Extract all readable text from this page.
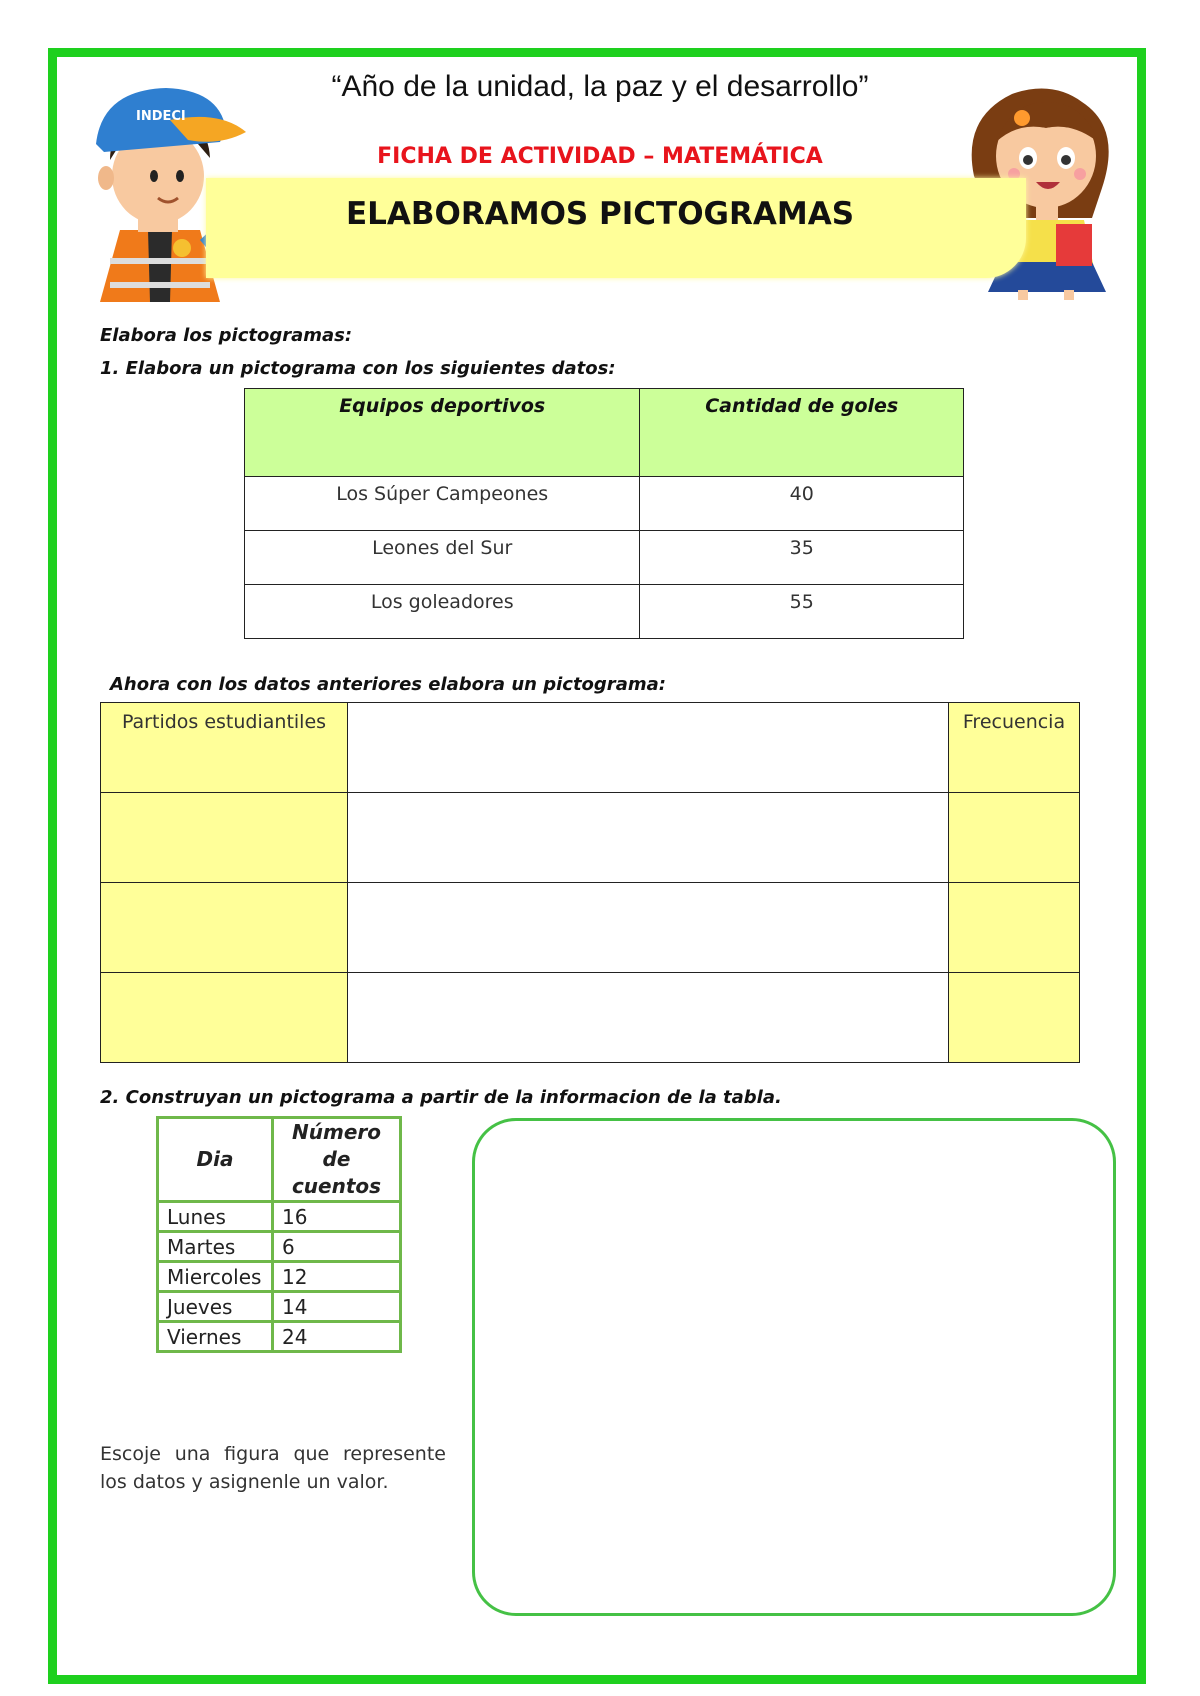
INDECI
“Año de la unidad, la paz y el desarrollo”
FICHA DE ACTIVIDAD – MATEMÁTICA
ELABORAMOS PICTOGRAMAS
Elabora los pictogramas:
1. Elabora un pictograma con los siguientes datos:
Equipos deportivos	Cantidad de goles
Los Súper Campeones	40
Leones del Sur	35
Los goleadores	55
Ahora con los datos anteriores elabora un pictograma:
Partidos estudiantiles		Frecuencia

2. Construyan un pictograma a partir de la informacion de la tabla.
Dia	Número de cuentos
Lunes	16
Martes	6
Miercoles	12
Jueves	14
Viernes	24
Escoje una figura que represente los datos y asignenle un valor.
